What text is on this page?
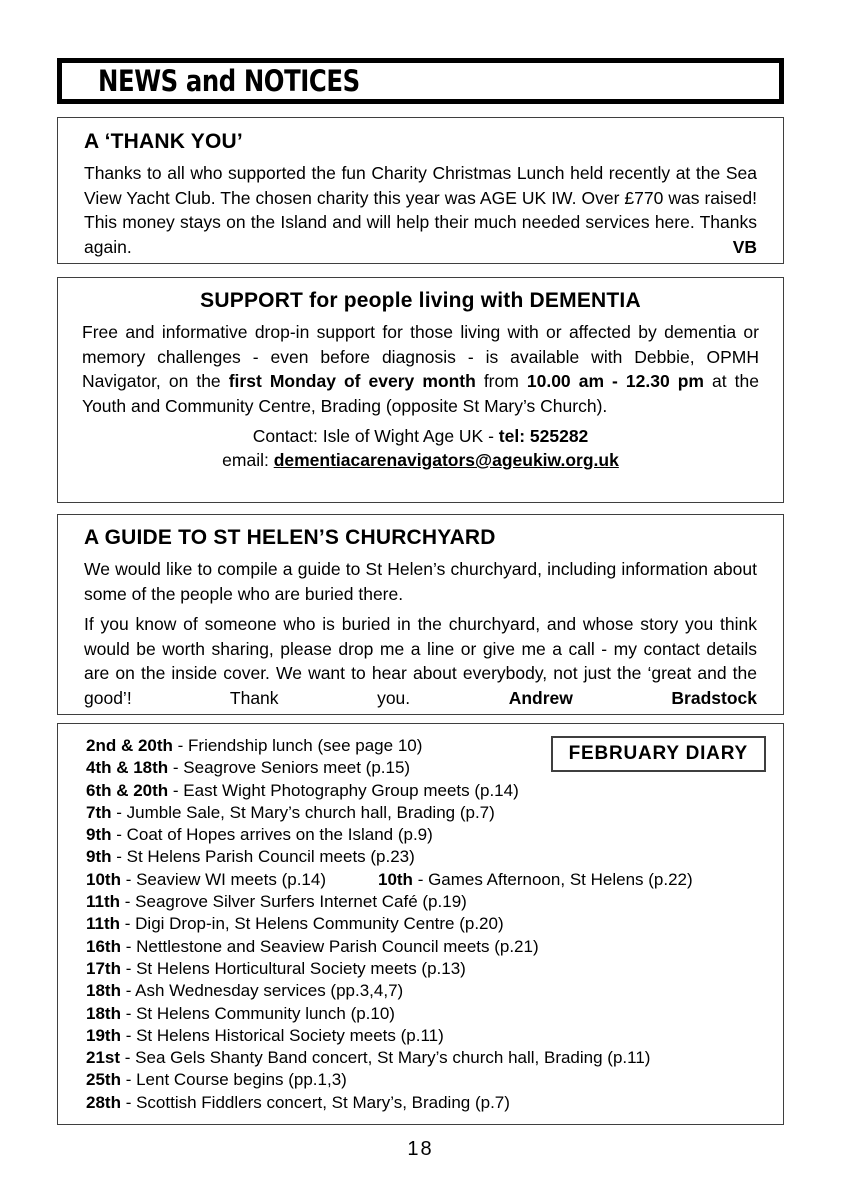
NEWS and NOTICES
A ‘THANK YOU’

Thanks to all who supported the fun Charity Christmas Lunch held recently at the Sea View Yacht Club. The chosen charity this year was AGE UK IW. Over £770 was raised! This money stays on the Island and will help their much needed services here. Thanks again.	VB

SUPPORT for people living with DEMENTIA

Free and informative drop-in support for those living with or affected by dementia or memory challenges - even before diagnosis - is available with Debbie, OPMH Navigator, on the first Monday of every month from 10.00 am - 12.30 pm at the Youth and Community Centre, Brading (opposite St Mary’s Church).

Contact: Isle of Wight Age UK - tel: 525282

email: dementiacarenavigators@ageukiw.org.uk

A GUIDE TO ST HELEN’S CHURCHYARD

We would like to compile a guide to St Helen’s churchyard, including information about some of the people who are buried there.

If you know of someone who is buried in the churchyard, and whose story you think would be worth sharing, please drop me a line or give me a call - my contact details are on the inside cover. We want to hear about everybody, not just the ‘great and the good’! Thank you. Andrew Bradstock

FEBRUARY DIARY
2nd & 20th - Friendship lunch (see page 10)
4th & 18th - Seagrove Seniors meet (p.15)
6th & 20th - East Wight Photography Group meets (p.14)
7th - Jumble Sale, St Mary’s church hall, Brading (p.7)
9th - Coat of Hopes arrives on the Island (p.9)
9th - St Helens Parish Council meets (p.23)
10th - Seaview WI meets (p.14)	10th - Games Afternoon, St Helens (p.22)
11th - Seagrove Silver Surfers Internet Café (p.19)
11th - Digi Drop-in, St Helens Community Centre (p.20)
16th - Nettlestone and Seaview Parish Council meets (p.21)
17th - St Helens Horticultural Society meets (p.13)
18th - Ash Wednesday services (pp.3,4,7)
18th - St Helens Community lunch (p.10)
19th - St Helens Historical Society meets (p.11)
21st - Sea Gels Shanty Band concert, St Mary’s church hall, Brading (p.11)
25th - Lent Course begins (pp.1,3)
28th - Scottish Fiddlers concert, St Mary’s, Brading (p.7)
18
